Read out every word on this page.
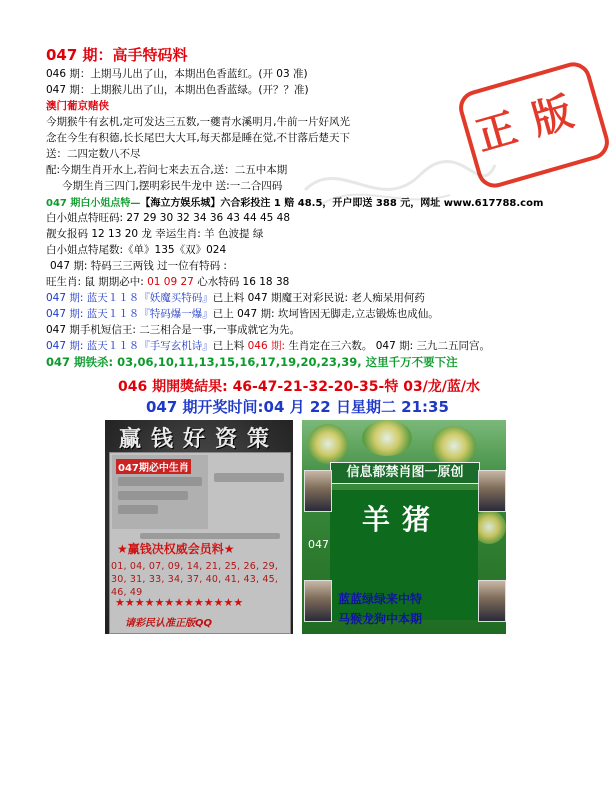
047 期：高手特码料
046 期：上期马儿出了山，本期出色香蓝红。(开 03 准)
047 期：上期猴儿出了山，本期出色香蓝绿。(开？？准)
澳门葡京赌侠
今期猴牛有玄机,定可发达三五数,一夔青水溪明月,牛前一片好风光
念在今生有积德,长长尾巴大大耳,每天都是睡在觉,不甘落后楚天下
送：二四定数八不尽
配:今期生肖开水上,若问七来去五合,送：二五中本期
今期生肖三四门,摆明彩民牛龙中 送:一二合四码
047 期白小姐点特—【海立方娱乐城】六合彩投注 1 赔 48.5，开户即送 388 元，网址 www.617788.com
白小姐点特旺码: 27 29 30 32 34 36 43 44 45 48
靓女报码 12 13 20 龙 幸运生肖: 羊 色波提 绿
白小姐点特尾数:《单》135《双》024
047 期: 特码三三两钱 过一位有特码 :
旺生肖: 鼠 期期必中: 01 09 27 心水特码 16 18 38
047 期: 蓝天１１８『妖魔买特码』已上料 047 期魔王对彩民说: 老人痴呆用何药
047 期: 蓝天１１８『特码爆一爆』已上 047 期: 坎坷皆因无脚走,立志锻炼也成仙。
047 期手机短信王: 二三相合是一事,一事成就它为先。
047 期: 蓝天１１８『手写玄机诗』已上料 046 期: 生肖定在三六数。 047 期: 三九二五同宫。
047 期铁杀: 03,06,10,11,13,15,16,17,19,20,23,39, 这里千万不要下注
046 期開獎結果: 46-47-21-32-20-35-特 03/龙/蓝/水
047 期开奖时间:04 月 22 日星期二 21:35
正版
赢钱好资策
047期必中生肖
★赢钱决权威会员料★
01, 04, 07, 09, 14, 21, 25, 26, 29, 30, 31, 33, 34, 37, 40, 41, 43, 45, 46, 49
★★★★★★★★★★★★★
请彩民认准正版QQ
信息都禁肖图一原创
羊猪
047
蓝蓝绿绿来中特
马猴龙狗中本期
